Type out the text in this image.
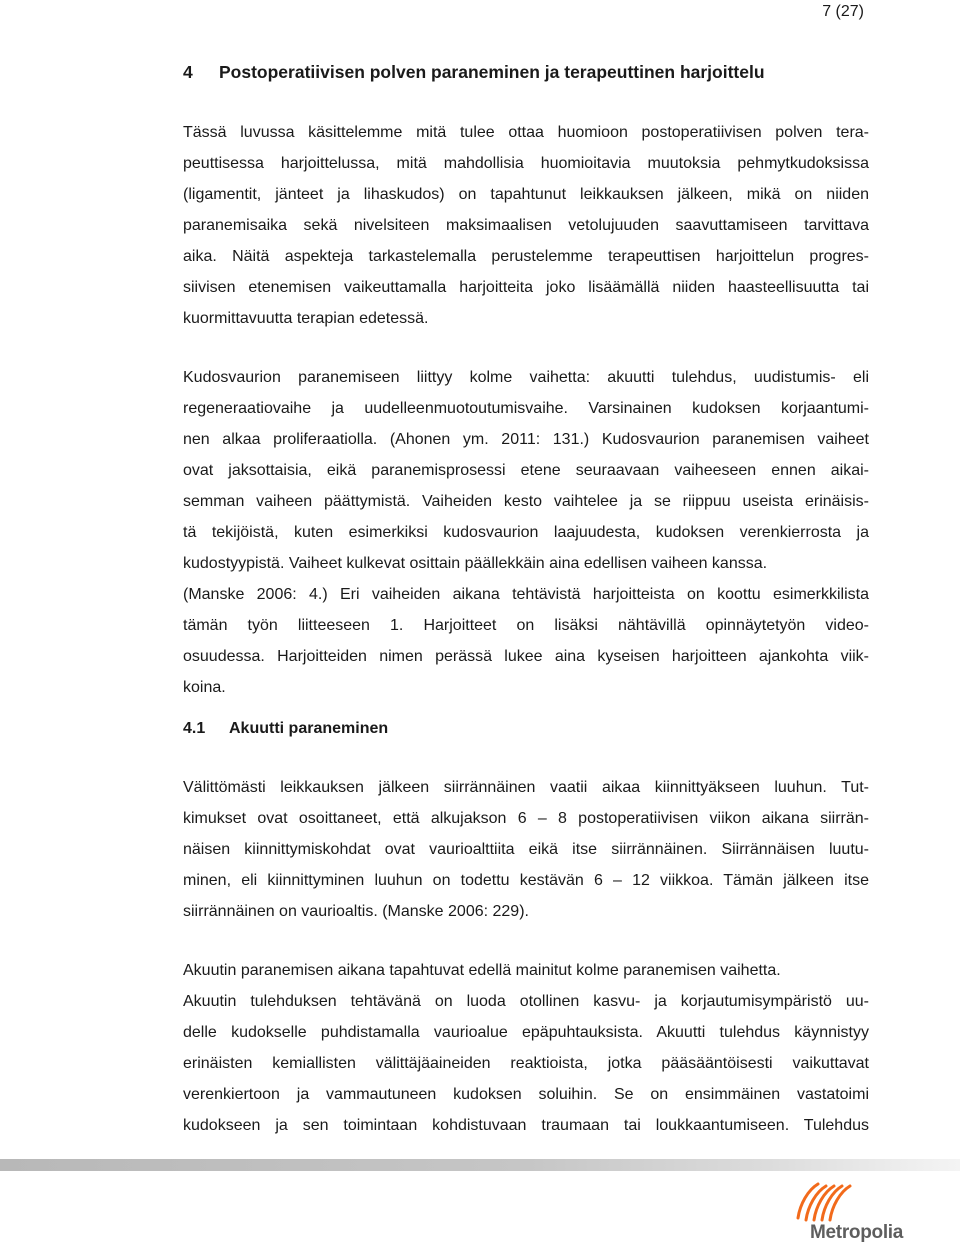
7 (27)
4 Postoperatiivisen polven paraneminen ja terapeuttinen harjoittelu
Tässä luvussa käsittelemme mitä tulee ottaa huomioon postoperatiivisen polven tera-
peuttisessa harjoittelussa, mitä mahdollisia huomioitavia muutoksia pehmytkudoksissa
(ligamentit, jänteet ja lihaskudos) on tapahtunut leikkauksen jälkeen, mikä on niiden
paranemisaika sekä nivelsiteen maksimaalisen vetolujuuden saavuttamiseen tarvittava
aika. Näitä aspekteja tarkastelemalla perustelemme terapeuttisen harjoittelun progres-
siivisen etenemisen vaikeuttamalla harjoitteita joko lisäämällä niiden haasteellisuutta tai
kuormittavuutta terapian edetessä.
Kudosvaurion paranemiseen liittyy kolme vaihetta: akuutti tulehdus, uudistumis- eli
regeneraatiovaihe ja uudelleenmuotoutumisvaihe. Varsinainen kudoksen korjaantumi-
nen alkaa proliferaatiolla. (Ahonen ym. 2011: 131.) Kudosvaurion paranemisen vaiheet
ovat jaksottaisia, eikä paranemisprosessi etene seuraavaan vaiheeseen ennen aikai-
semman vaiheen päättymistä. Vaiheiden kesto vaihtelee ja se riippuu useista erinäisis-
tä tekijöistä, kuten esimerkiksi kudosvaurion laajuudesta, kudoksen verenkierrosta ja
kudostyypistä. Vaiheet kulkevat osittain päällekkäin aina edellisen vaiheen kanssa.
(Manske 2006: 4.) Eri vaiheiden aikana tehtävistä harjoitteista on koottu esimerkkilista
tämän työn liitteeseen 1. Harjoitteet on lisäksi nähtävillä opinnäytetyön video-
osuudessa. Harjoitteiden nimen perässä lukee aina kyseisen harjoitteen ajankohta viik-
koina.
4.1 Akuutti paraneminen
Välittömästi leikkauksen jälkeen siirrännäinen vaatii aikaa kiinnittyäkseen luuhun. Tut-
kimukset ovat osoittaneet, että alkujakson 6 – 8 postoperatiivisen viikon aikana siirrän-
näisen kiinnittymiskohdat ovat vaurioalttiita eikä itse siirrännäinen. Siirrännäisen luutu-
minen, eli kiinnittyminen luuhun on todettu kestävän 6 – 12 viikkoa. Tämän jälkeen itse
siirrännäinen on vaurioaltis. (Manske 2006: 229).
Akuutin paranemisen aikana tapahtuvat edellä mainitut kolme paranemisen vaihetta.
Akuutin tulehduksen tehtävänä on luoda otollinen kasvu- ja korjautumisympäristö uu-
delle kudokselle puhdistamalla vaurioalue epäpuhtauksista. Akuutti tulehdus käynnistyy
erinäisten kemiallisten välittäjäaineiden reaktioista, jotka pääsääntöisesti vaikuttavat
verenkiertoon ja vammautuneen kudoksen soluihin. Se on ensimmäinen vastatoimi
kudokseen ja sen toimintaan kohdistuvaan traumaan tai loukkaantumiseen. Tulehdus
Metropolia
